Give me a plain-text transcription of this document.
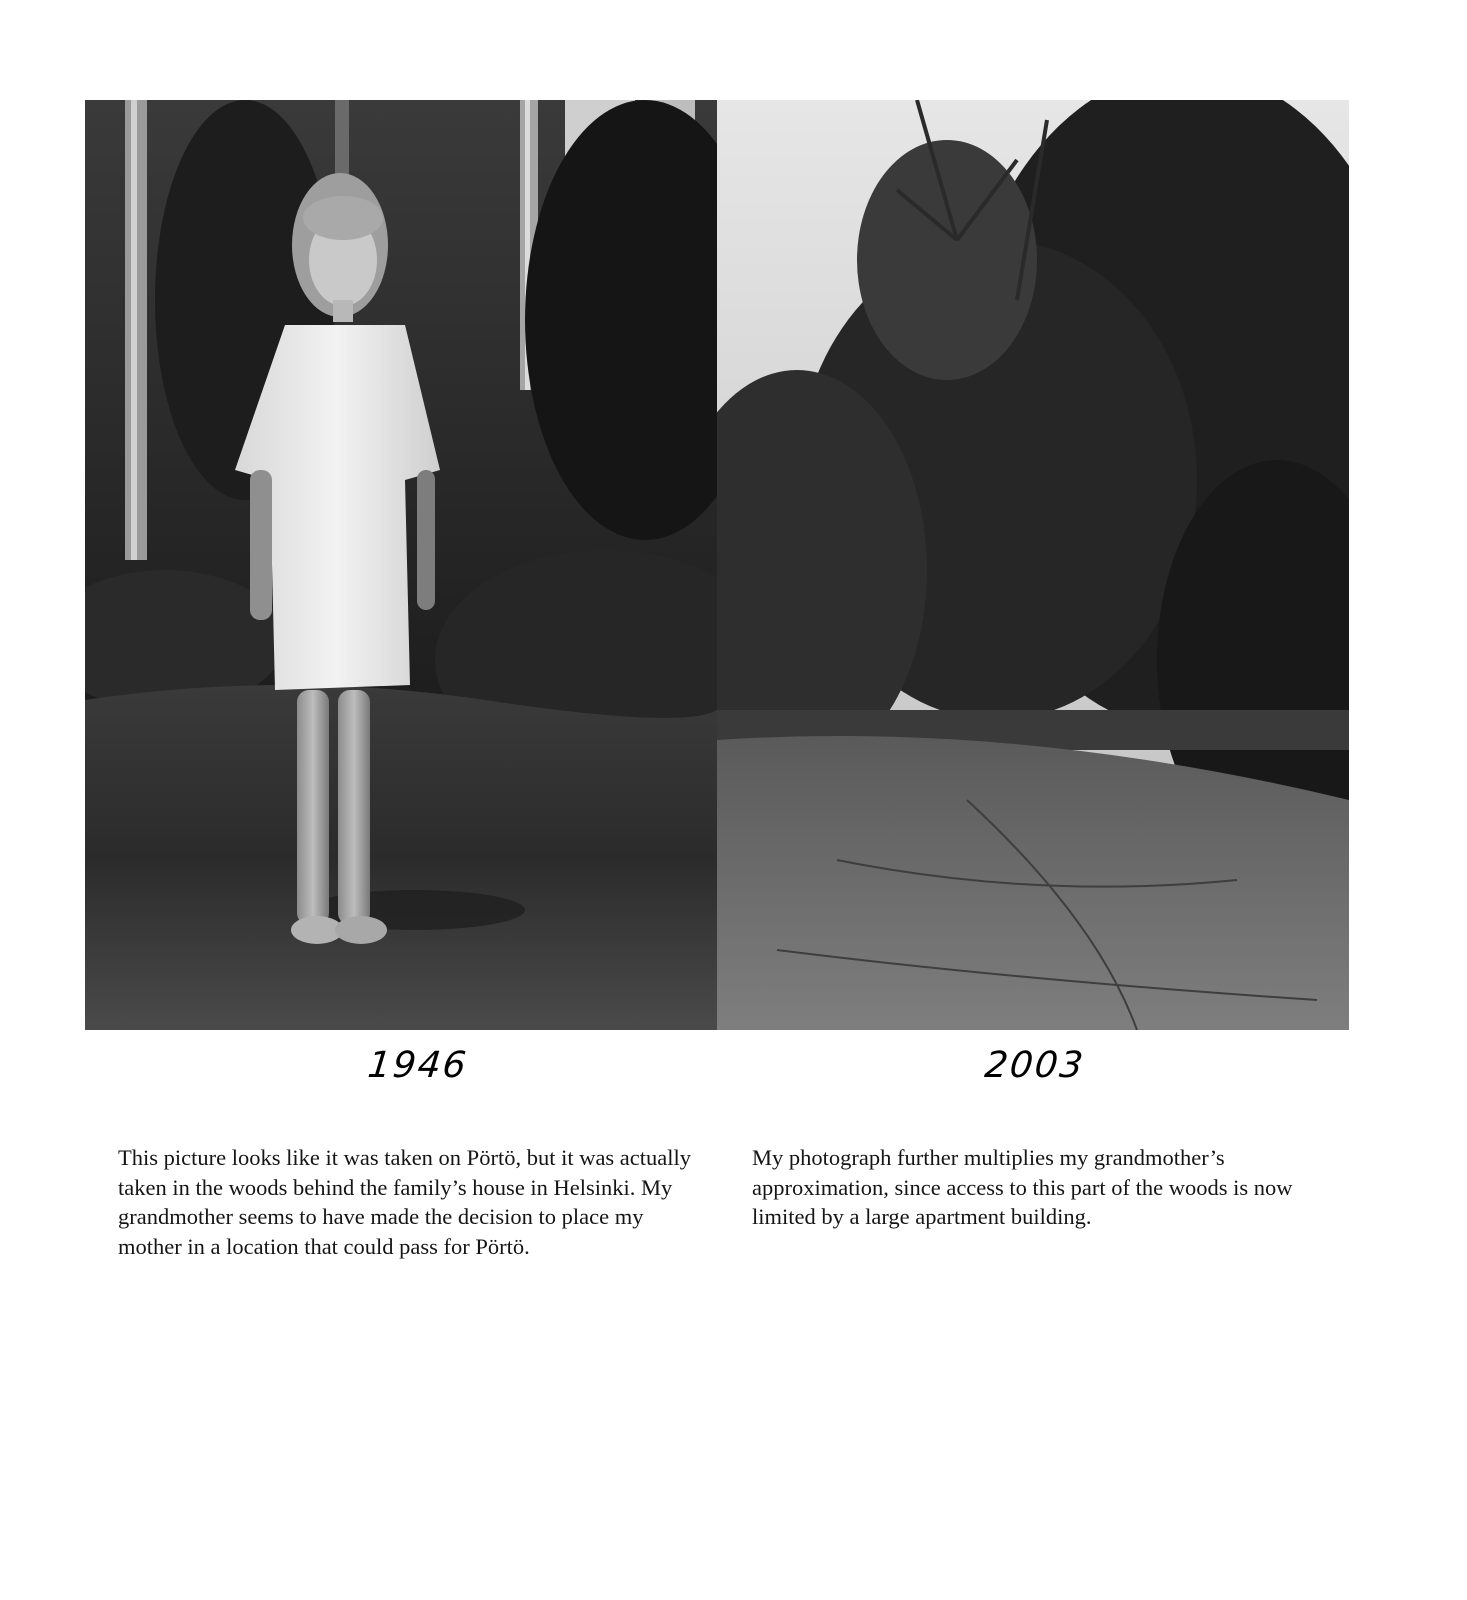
1946	2003

This picture looks like it was taken on Pörtö, but it was actually taken in the woods behind the family’s house in Helsinki. My grandmother seems to have made the decision to place my mother in a location that could pass for Pörtö.

My photograph further multiplies my grandmother’s approximation, since access to this part of the woods is now limited by a large apartment building.
